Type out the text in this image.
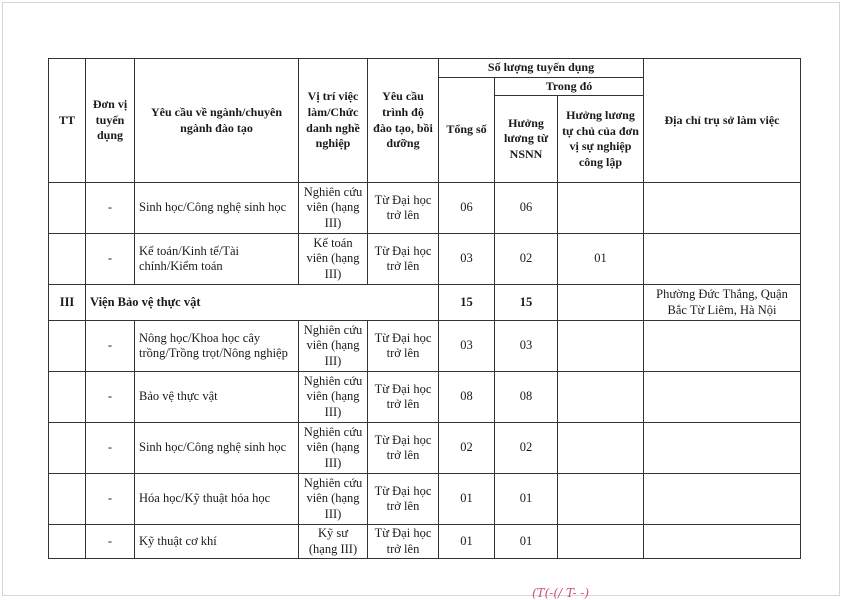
TT	Đơn vị tuyển dụng	Yêu cầu về ngành/chuyên ngành đào tạo	Vị trí việc làm/Chức danh nghề nghiệp	Yêu cầu trình độ đào tạo, bồi dưỡng	Số lượng tuyển dụng			Địa chỉ trụ sở làm việc
					Tổng số	Trong đó		
						Hưởng lương từ NSNN	Hưởng lương tự chủ của đơn vị sự nghiệp công lập	
	-	Sinh học/Công nghệ sinh học	Nghiên cứu viên (hạng III)	Từ Đại học trở lên	06	06		
	-	Kế toán/Kinh tế/Tài chính/Kiểm toán	Kế toán viên (hạng III)	Từ Đại học trở lên	03	02	01	
III	Viện Bảo vệ thực vật				15	15		Phường Đức Thắng, Quận Bắc Từ Liêm, Hà Nội
	-	Nông học/Khoa học cây trồng/Trồng trọt/Nông nghiệp	Nghiên cứu viên (hạng III)	Từ Đại học trở lên	03	03		
	-	Bảo vệ thực vật	Nghiên cứu viên (hạng III)	Từ Đại học trở lên	08	08		
	-	Sinh học/Công nghệ sinh học	Nghiên cứu viên (hạng III)	Từ Đại học trở lên	02	02		
	-	Hóa học/Kỹ thuật hóa học	Nghiên cứu viên (hạng III)	Từ Đại học trở lên	01	01		
	-	Kỹ thuật cơ khí	Kỹ sư (hạng III)	Từ Đại học trở lên	01	01		
(T(-(/ T- -)
